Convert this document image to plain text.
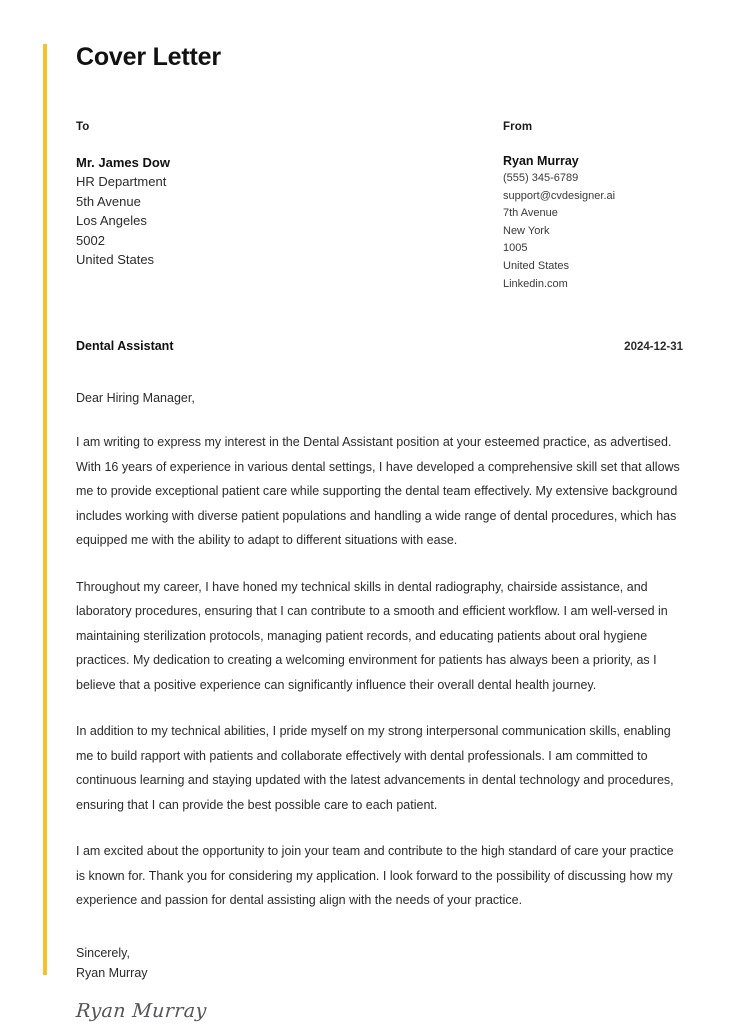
Cover Letter
To
Mr. James Dow
HR Department
5th Avenue
Los Angeles
5002
United States
From
Ryan Murray
(555) 345-6789
support@cvdesigner.ai
7th Avenue
New York
1005
United States
Linkedin.com
Dental Assistant	2024-12-31
Dear Hiring Manager,

I am writing to express my interest in the Dental Assistant position at your esteemed practice, as advertised. With 16 years of experience in various dental settings, I have developed a comprehensive skill set that allows me to provide exceptional patient care while supporting the dental team effectively. My extensive background includes working with diverse patient populations and handling a wide range of dental procedures, which has equipped me with the ability to adapt to different situations with ease.

Throughout my career, I have honed my technical skills in dental radiography, chairside assistance, and laboratory procedures, ensuring that I can contribute to a smooth and efficient workflow. I am well-versed in maintaining sterilization protocols, managing patient records, and educating patients about oral hygiene practices. My dedication to creating a welcoming environment for patients has always been a priority, as I believe that a positive experience can significantly influence their overall dental health journey.

In addition to my technical abilities, I pride myself on my strong interpersonal communication skills, enabling me to build rapport with patients and collaborate effectively with dental professionals. I am committed to continuous learning and staying updated with the latest advancements in dental technology and procedures, ensuring that I can provide the best possible care to each patient.

I am excited about the opportunity to join your team and contribute to the high standard of care your practice is known for. Thank you for considering my application. I look forward to the possibility of discussing how my experience and passion for dental assisting align with the needs of your practice.

Sincerely,
Ryan Murray
Ryan Murray
